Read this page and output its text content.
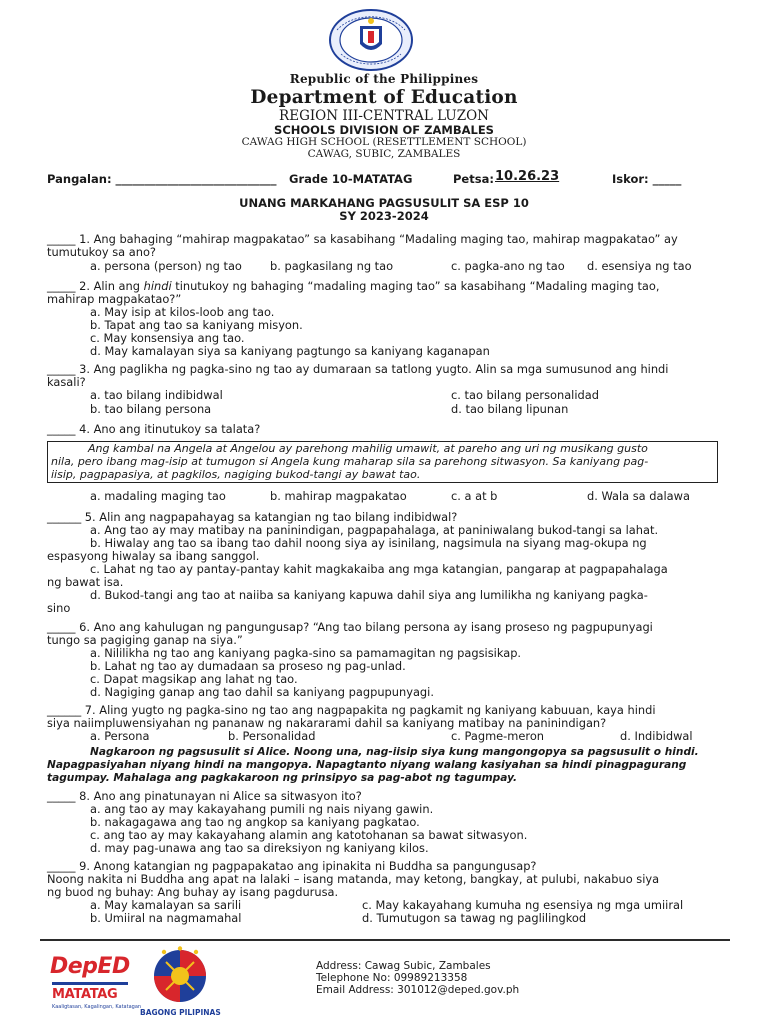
Republic of the Philippines
Department of Education
REGION III-CENTRAL LUZON
SCHOOLS DIVISION OF ZAMBALES
CAWAG HIGH SCHOOL (RESETTLEMENT SCHOOL)
CAWAG, SUBIC, ZAMBALES
Pangalan: ____________________________ Grade 10-MATATAG	Petsa: 10.26.23	Iskor: _____
UNANG MARKAHANG PAGSUSULIT SA ESP 10
SY 2023-2024
_____ 1. Ang bahaging “mahirap magpakatao” sa kasabihang “Madaling maging tao, mahirap magpakatao” ay
tumutukoy sa ano?
a. persona (person) ng tao b. pagkasilang ng tao	c. pagka-ano ng tao d. esensiya ng tao
_____ 2. Alin ang hindi tinutukoy ng bahaging “madaling maging tao” sa kasabihang “Madaling maging tao,
mahirap magpakatao?”
a. May isip at kilos-loob ang tao.
b. Tapat ang tao sa kaniyang misyon.
c. May konsensiya ang tao.
d. May kamalayan siya sa kaniyang pagtungo sa kaniyang kaganapan
_____ 3. Ang paglikha ng pagka-sino ng tao ay dumaraan sa tatlong yugto. Alin sa mga sumusunod ang hindi
kasali?
a. tao bilang indibidwal	c. tao bilang personalidad
b. tao bilang persona	d. tao bilang lipunan
_____ 4. Ano ang itinutukoy sa talata?
Ang kambal na Angela at Angelou ay parehong mahilig umawit, at pareho ang uri ng musikang gusto
nila, pero ibang mag-isip at tumugon si Angela kung maharap sila sa parehong sitwasyon. Sa kaniyang pag-
iisip, pagpapasiya, at pagkilos, nagiging bukod-tangi ay bawat tao.
a. madaling maging tao	b. mahirap magpakatao	c. a at b	d. Wala sa dalawa
______ 5. Alin ang nagpapahayag sa katangian ng tao bilang indibidwal?
a. Ang tao ay may matibay na paninindigan, pagpapahalaga, at paniniwalang bukod-tangi sa lahat.
b. Hiwalay ang tao sa ibang tao dahil noong siya ay isinilang, nagsimula na siyang mag-okupa ng
espasyong hiwalay sa ibang sanggol.
c. Lahat ng tao ay pantay-pantay kahit magkakaiba ang mga katangian, pangarap at pagpapahalaga
ng bawat isa.
d. Bukod-tangi ang tao at naiiba sa kaniyang kapuwa dahil siya ang lumilikha ng kaniyang pagka-
sino
_____ 6. Ano ang kahulugan ng pangungusap? “Ang tao bilang persona ay isang proseso ng pagpupunyagi
tungo sa pagiging ganap na siya.”
a. Nililikha ng tao ang kaniyang pagka-sino sa pamamagitan ng pagsisikap.
b. Lahat ng tao ay dumadaan sa proseso ng pag-unlad.
c. Dapat magsikap ang lahat ng tao.
d. Nagiging ganap ang tao dahil sa kaniyang pagpupunyagi.
______ 7. Aling yugto ng pagka-sino ng tao ang nagpapakita ng pagkamit ng kaniyang kabuuan, kaya hindi
siya naiimpluwensiyahan ng pananaw ng nakararami dahil sa kaniyang matibay na paninindigan?
a. Persona	b. Personalidad	c. Pagme-meron	d. Indibidwal
Nagkaroon ng pagsusulit si Alice. Noong una, nag-iisip siya kung mangongopya sa pagsusulit o hindi.
Napagpasiyahan niyang hindi na mangopya. Napagtanto niyang walang kasiyahan sa hindi pinagpagurang
tagumpay. Mahalaga ang pagkakaroon ng prinsipyo sa pag-abot ng tagumpay.
_____ 8. Ano ang pinatunayan ni Alice sa sitwasyon ito?
a. ang tao ay may kakayahang pumili ng nais niyang gawin.
b. nakagagawa ang tao ng angkop sa kaniyang pagkatao.
c. ang tao ay may kakayahang alamin ang katotohanan sa bawat sitwasyon.
d. may pag-unawa ang tao sa direksiyon ng kaniyang kilos.
_____ 9. Anong katangian ng pagpapakatao ang ipinakita ni Buddha sa pangungusap?
Noong nakita ni Buddha ang apat na lalaki – isang matanda, may ketong, bangkay, at pulubi, nakabuo siya
ng buod ng buhay: Ang buhay ay isang pagdurusa.
a. May kamalayan sa sarili	c. May kakayahang kumuha ng esensiya ng mga umiiral
b. Umiiral na nagmamahal	d. Tumutugon sa tawag ng paglilingkod
DepED
MATATAG
Kaaligtasan, Kagalingan, Katatagan
BAGONG PILIPINAS
Address: Cawag Subic, Zambales
Telephone No: 09989213358
Email Address: 301012@deped.gov.ph
